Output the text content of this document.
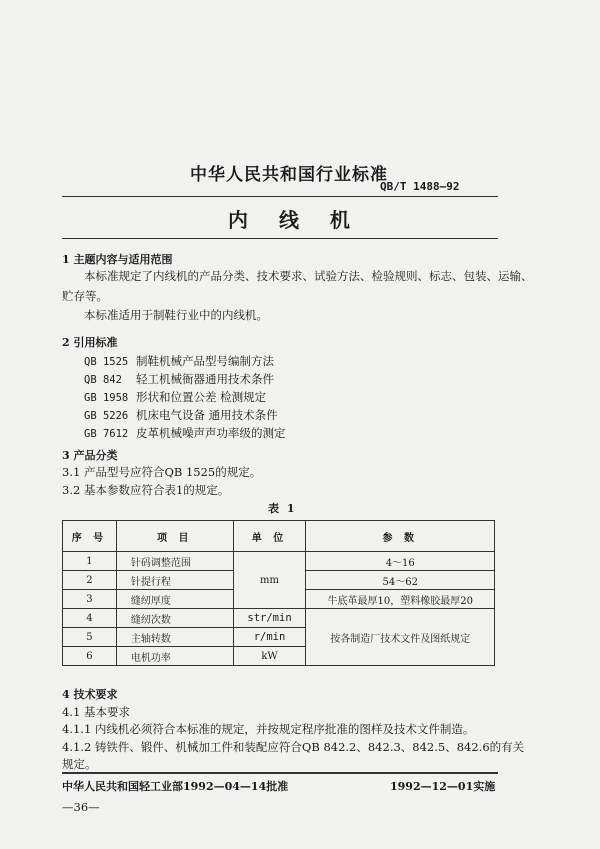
中华人民共和国行业标准
QB/T 1488—92
内 线 机
1 主题内容与适用范围
本标准规定了内线机的产品分类、技术要求、试验方法、检验规则、标志、包装、运输、
贮存等。
本标准适用于制鞋行业中的内线机。
2 引用标准
QB 1525 制鞋机械产品型号编制方法
QB 842 轻工机械衙器通用技术条件
GB 1958 形状和位置公差 检测规定
GB 5226 机床电气设备 通用技术条件
GB 7612 皮革机械噪声声功率级的测定
3 产品分类
3.1 产品型号应符合QB 1525的规定。
3.2 基本参数应符合表1的规定。
表 1
序 号	项 目	单 位	参 数
1	针码调整范围	mm	4～16
2	针提行程		54～62
3	缝纫厚度		牛底革最厚10，塑料橡胶最厚20
4	缝纫次数	str/min	按各制造厂技术文件及图纸规定
5	主轴转数	r/min	
6	电机功率	kW	
4 技术要求
4.1 基本要求
4.1.1 内线机必须符合本标准的规定，并按规定程序批准的图样及技术文件制造。
4.1.2 铸铁件、锻件、机械加工件和装配应符合QB 842.2、842.3、842.5、842.6的有关
规定。
中华人民共和国轻工业部1992—04—14批准	1992—12—01实施
—36—
